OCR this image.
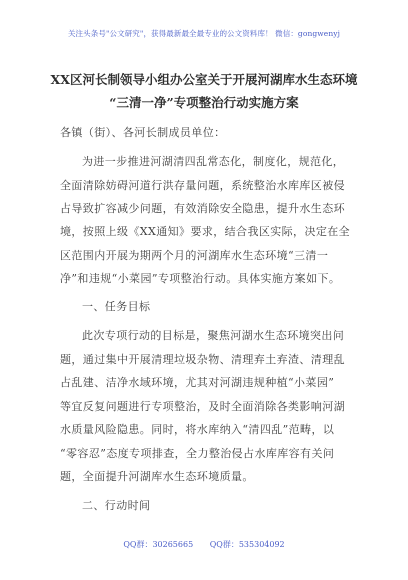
关注头条号"公文研究"，获得最新最全最专业的公文资料库！ 微信：gongwenyj
XX区河长制领导小组办公室关于开展河湖库水生态环境
“三清一净”专项整治行动实施方案
各镇（街）、各河长制成员单位：
为进一步推进河湖清四乱常态化，制度化，规范化，
全面清除妨碍河道行洪存量问题，系统整治水库库区被侵
占导致扩容减少问题，有效消除安全隐患，提升水生态环
境，按照上级《XX通知》要求，结合我区实际，决定在全
区范围内开展为期两个月的河湖库水生态环境“三清一
净”和违规“小菜园”专项整治行动。具体实施方案如下。
一、任务目标
此次专项行动的目标是，聚焦河湖水生态环境突出问
题，通过集中开展清理垃圾杂物、清理弃土弃渣、清理乱
占乱建、洁净水域环境，尤其对河湖违规种植“小菜园”
等宜反复问题进行专项整治，及时全面消除各类影响河湖
水质量风险隐患。同时，将水库纳入“清四乱”范畴，以
“零容忍”态度专项排查，全力整治侵占水库库容有关问
题，全面提升河湖库水生态环境质量。
二、行动时间
QQ群：30265665 QQ群：535304092
